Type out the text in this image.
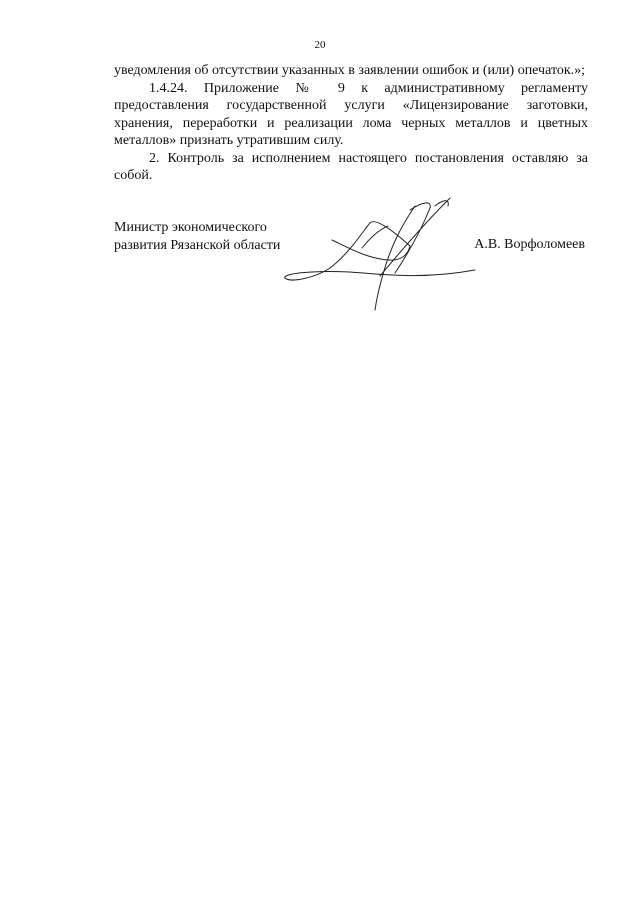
20

уведомления об отсутствии указанных в заявлении ошибок и (или) опечаток.»;

1.4.24. Приложение № 9 к административному регламенту предоставления государственной услуги «Лицензирование заготовки, хранения, переработки и реализации лома черных металлов и цветных металлов» признать утратившим силу.

2. Контроль за исполнением настоящего постановления оставляю за собой.

Министр экономического
развития Рязанской области	А.В. Ворфоломеев
